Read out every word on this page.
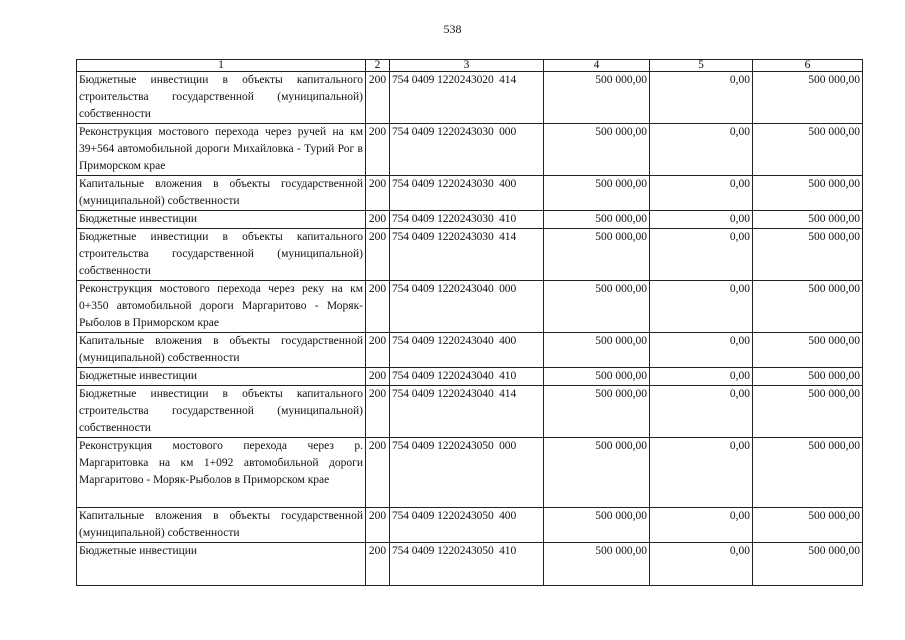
538
1	2	3	4	5	6
Бюджетные инвестиции в объекты капитального строительства государственной (муниципальной) собственности	200	754 0409 1220243020  414	500 000,00	0,00	500 000,00
Реконструкция мостового перехода через ручей на км 39+564 автомобильной дороги Михайловка - Турий Рог в Приморском крае	200	754 0409 1220243030  000	500 000,00	0,00	500 000,00
Капитальные вложения в объекты государственной (муниципальной) собственности	200	754 0409 1220243030  400	500 000,00	0,00	500 000,00
Бюджетные инвестиции	200	754 0409 1220243030  410	500 000,00	0,00	500 000,00
Бюджетные инвестиции в объекты капитального строительства государственной (муниципальной) собственности	200	754 0409 1220243030  414	500 000,00	0,00	500 000,00
Реконструкция мостового перехода через реку на км 0+350 автомобильной дороги Маргаритово - Моряк-Рыболов в Приморском крае	200	754 0409 1220243040  000	500 000,00	0,00	500 000,00
Капитальные вложения в объекты государственной (муниципальной) собственности	200	754 0409 1220243040  400	500 000,00	0,00	500 000,00
Бюджетные инвестиции	200	754 0409 1220243040  410	500 000,00	0,00	500 000,00
Бюджетные инвестиции в объекты капитального строительства государственной (муниципальной) собственности	200	754 0409 1220243040  414	500 000,00	0,00	500 000,00
Реконструкция мостового перехода через р. Маргаритовка на км 1+092 автомобильной дороги Маргаритово - Моряк-Рыболов в Приморском крае	200	754 0409 1220243050  000	500 000,00	0,00	500 000,00
Капитальные вложения в объекты государственной (муниципальной) собственности	200	754 0409 1220243050  400	500 000,00	0,00	500 000,00
Бюджетные инвестиции	200	754 0409 1220243050  410	500 000,00	0,00	500 000,00
